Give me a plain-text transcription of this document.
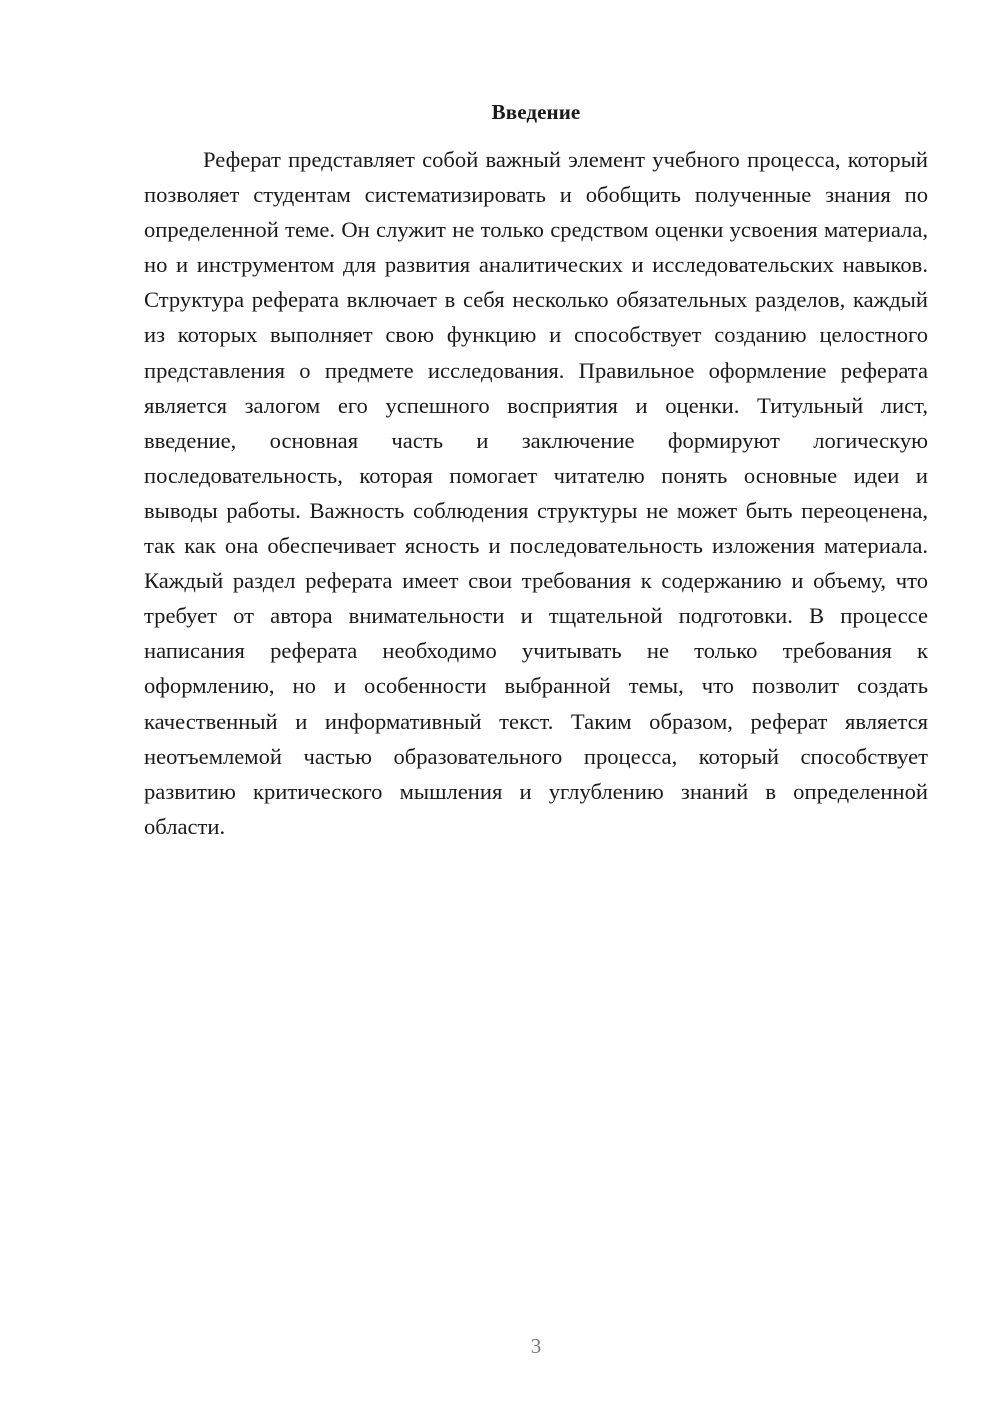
Введение

Реферат представляет собой важный элемент учебного процесса, который позволяет студентам систематизировать и обобщить полученные знания по определенной теме. Он служит не только средством оценки усвоения материала, но и инструментом для развития аналитических и исследовательских навыков. Структура реферата включает в себя несколько обязательных разделов, каждый из которых выполняет свою функцию и способствует созданию целостного представления о предмете исследования. Правильное оформление реферата является залогом его успешного восприятия и оценки. Титульный лист, введение, основная часть и заключение формируют логическую последовательность, которая помогает читателю понять основные идеи и выводы работы. Важность соблюдения структуры не может быть переоценена, так как она обеспечивает ясность и последовательность изложения материала. Каждый раздел реферата имеет свои требования к содержанию и объему, что требует от автора внимательности и тщательной подготовки. В процессе написания реферата необходимо учитывать не только требования к оформлению, но и особенности выбранной темы, что позволит создать качественный и информативный текст. Таким образом, реферат является неотъемлемой частью образовательного процесса, который способствует развитию критического мышления и углублению знаний в определенной области.

3
